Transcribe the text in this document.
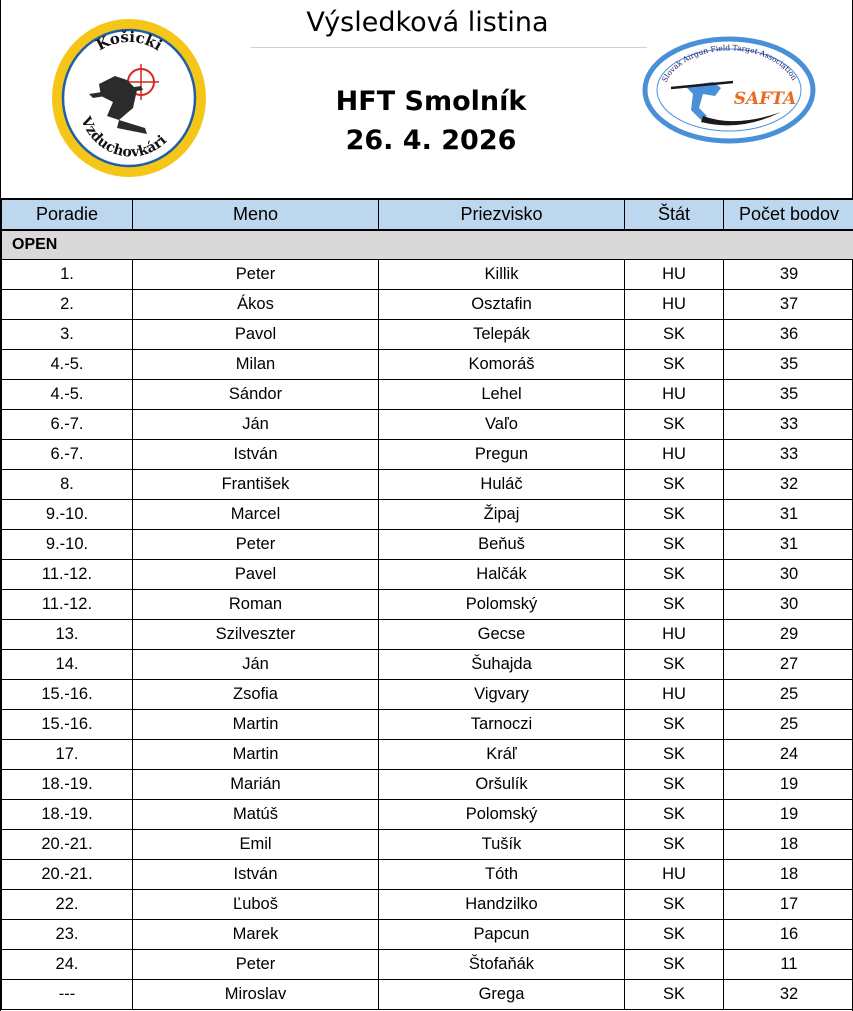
Výsledková listina
HFT Smolník
26. 4. 2026
Košicki
Vzduchovkári
Slovak Airgun Field Target Association
SAFTA
Poradie	Meno	Priezvisko	Štát	Počet bodov
OPEN				
1.	Peter	Killik	HU	39
2.	Ákos	Osztafin	HU	37
3.	Pavol	Telepák	SK	36
4.-5.	Milan	Komoráš	SK	35
4.-5.	Sándor	Lehel	HU	35
6.-7.	Ján	Vaľo	SK	33
6.-7.	István	Pregun	HU	33
8.	František	Huláč	SK	32
9.-10.	Marcel	Žipaj	SK	31
9.-10.	Peter	Beňuš	SK	31
11.-12.	Pavel	Halčák	SK	30
11.-12.	Roman	Polomský	SK	30
13.	Szilveszter	Gecse	HU	29
14.	Ján	Šuhajda	SK	27
15.-16.	Zsofia	Vigvary	HU	25
15.-16.	Martin	Tarnoczi	SK	25
17.	Martin	Kráľ	SK	24
18.-19.	Marián	Oršulík	SK	19
18.-19.	Matúš	Polomský	SK	19
20.-21.	Emil	Tušík	SK	18
20.-21.	István	Tóth	HU	18
22.	Ľuboš	Handzilko	SK	17
23.	Marek	Papcun	SK	16
24.	Peter	Štofaňák	SK	11
---	Miroslav	Grega	SK	32
